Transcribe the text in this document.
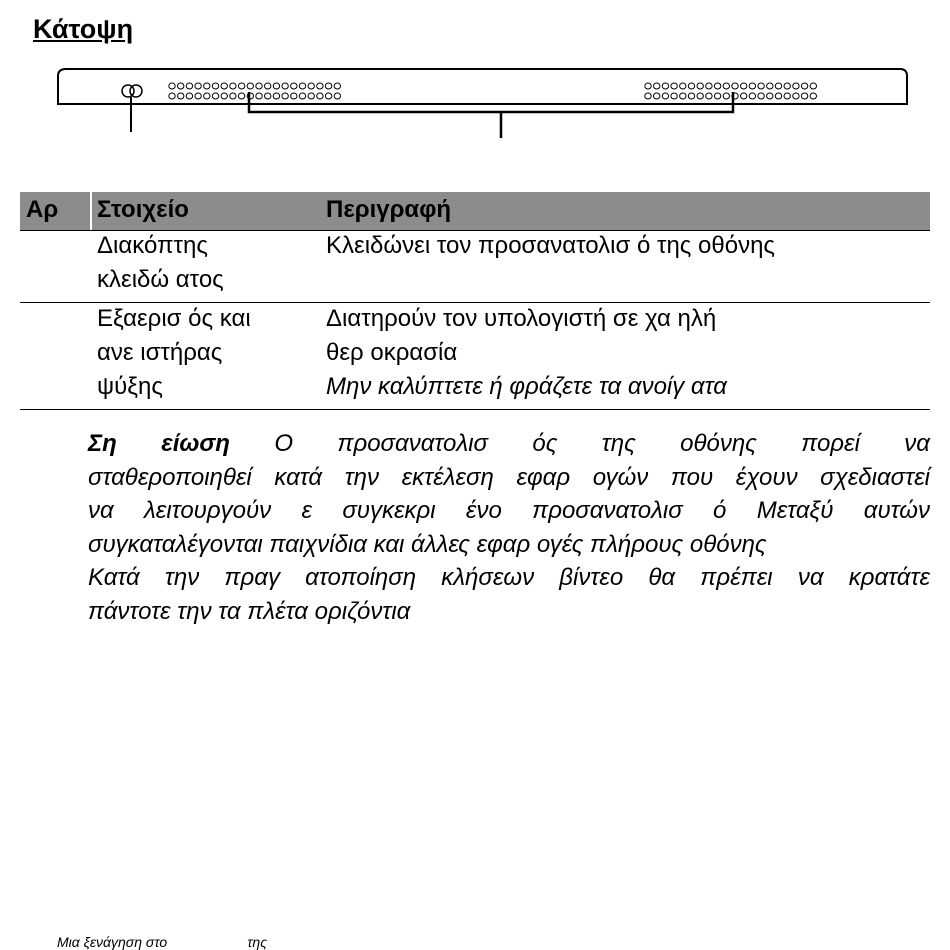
Κάτοψη
Αρ Στοιχείο	Περιγραφή
Διακόπτης
κλειδώ ατος
Κλειδώνει τον προσανατολισ ό της οθόνης
Εξαερισ ός και
ανε ιστήρας
ψύξης
Διατηρούν τον υπολογιστή σε χα ηλή
θερ οκρασία
Μην καλύπτετε ή φράζετε τα ανοίγ ατα
Ση είωση Ο προσανατολισ ός της οθόνης πορεί να
σταθεροποιηθεί κατά την εκτέλεση εφαρ ογών που έχουν σχεδιαστεί
να λειτουργούν ε συγκεκρι ένο προσανατολισ ό Μεταξύ αυτών
συγκαταλέγονται παιχνίδια και άλλες εφαρ ογές πλήρους οθόνης
Κατά την πραγ ατοποίηση κλήσεων βίντεο θα πρέπει να κρατάτε
πάντοτε την τα πλέτα οριζόντια
Μια ξενάγηση στο	της
